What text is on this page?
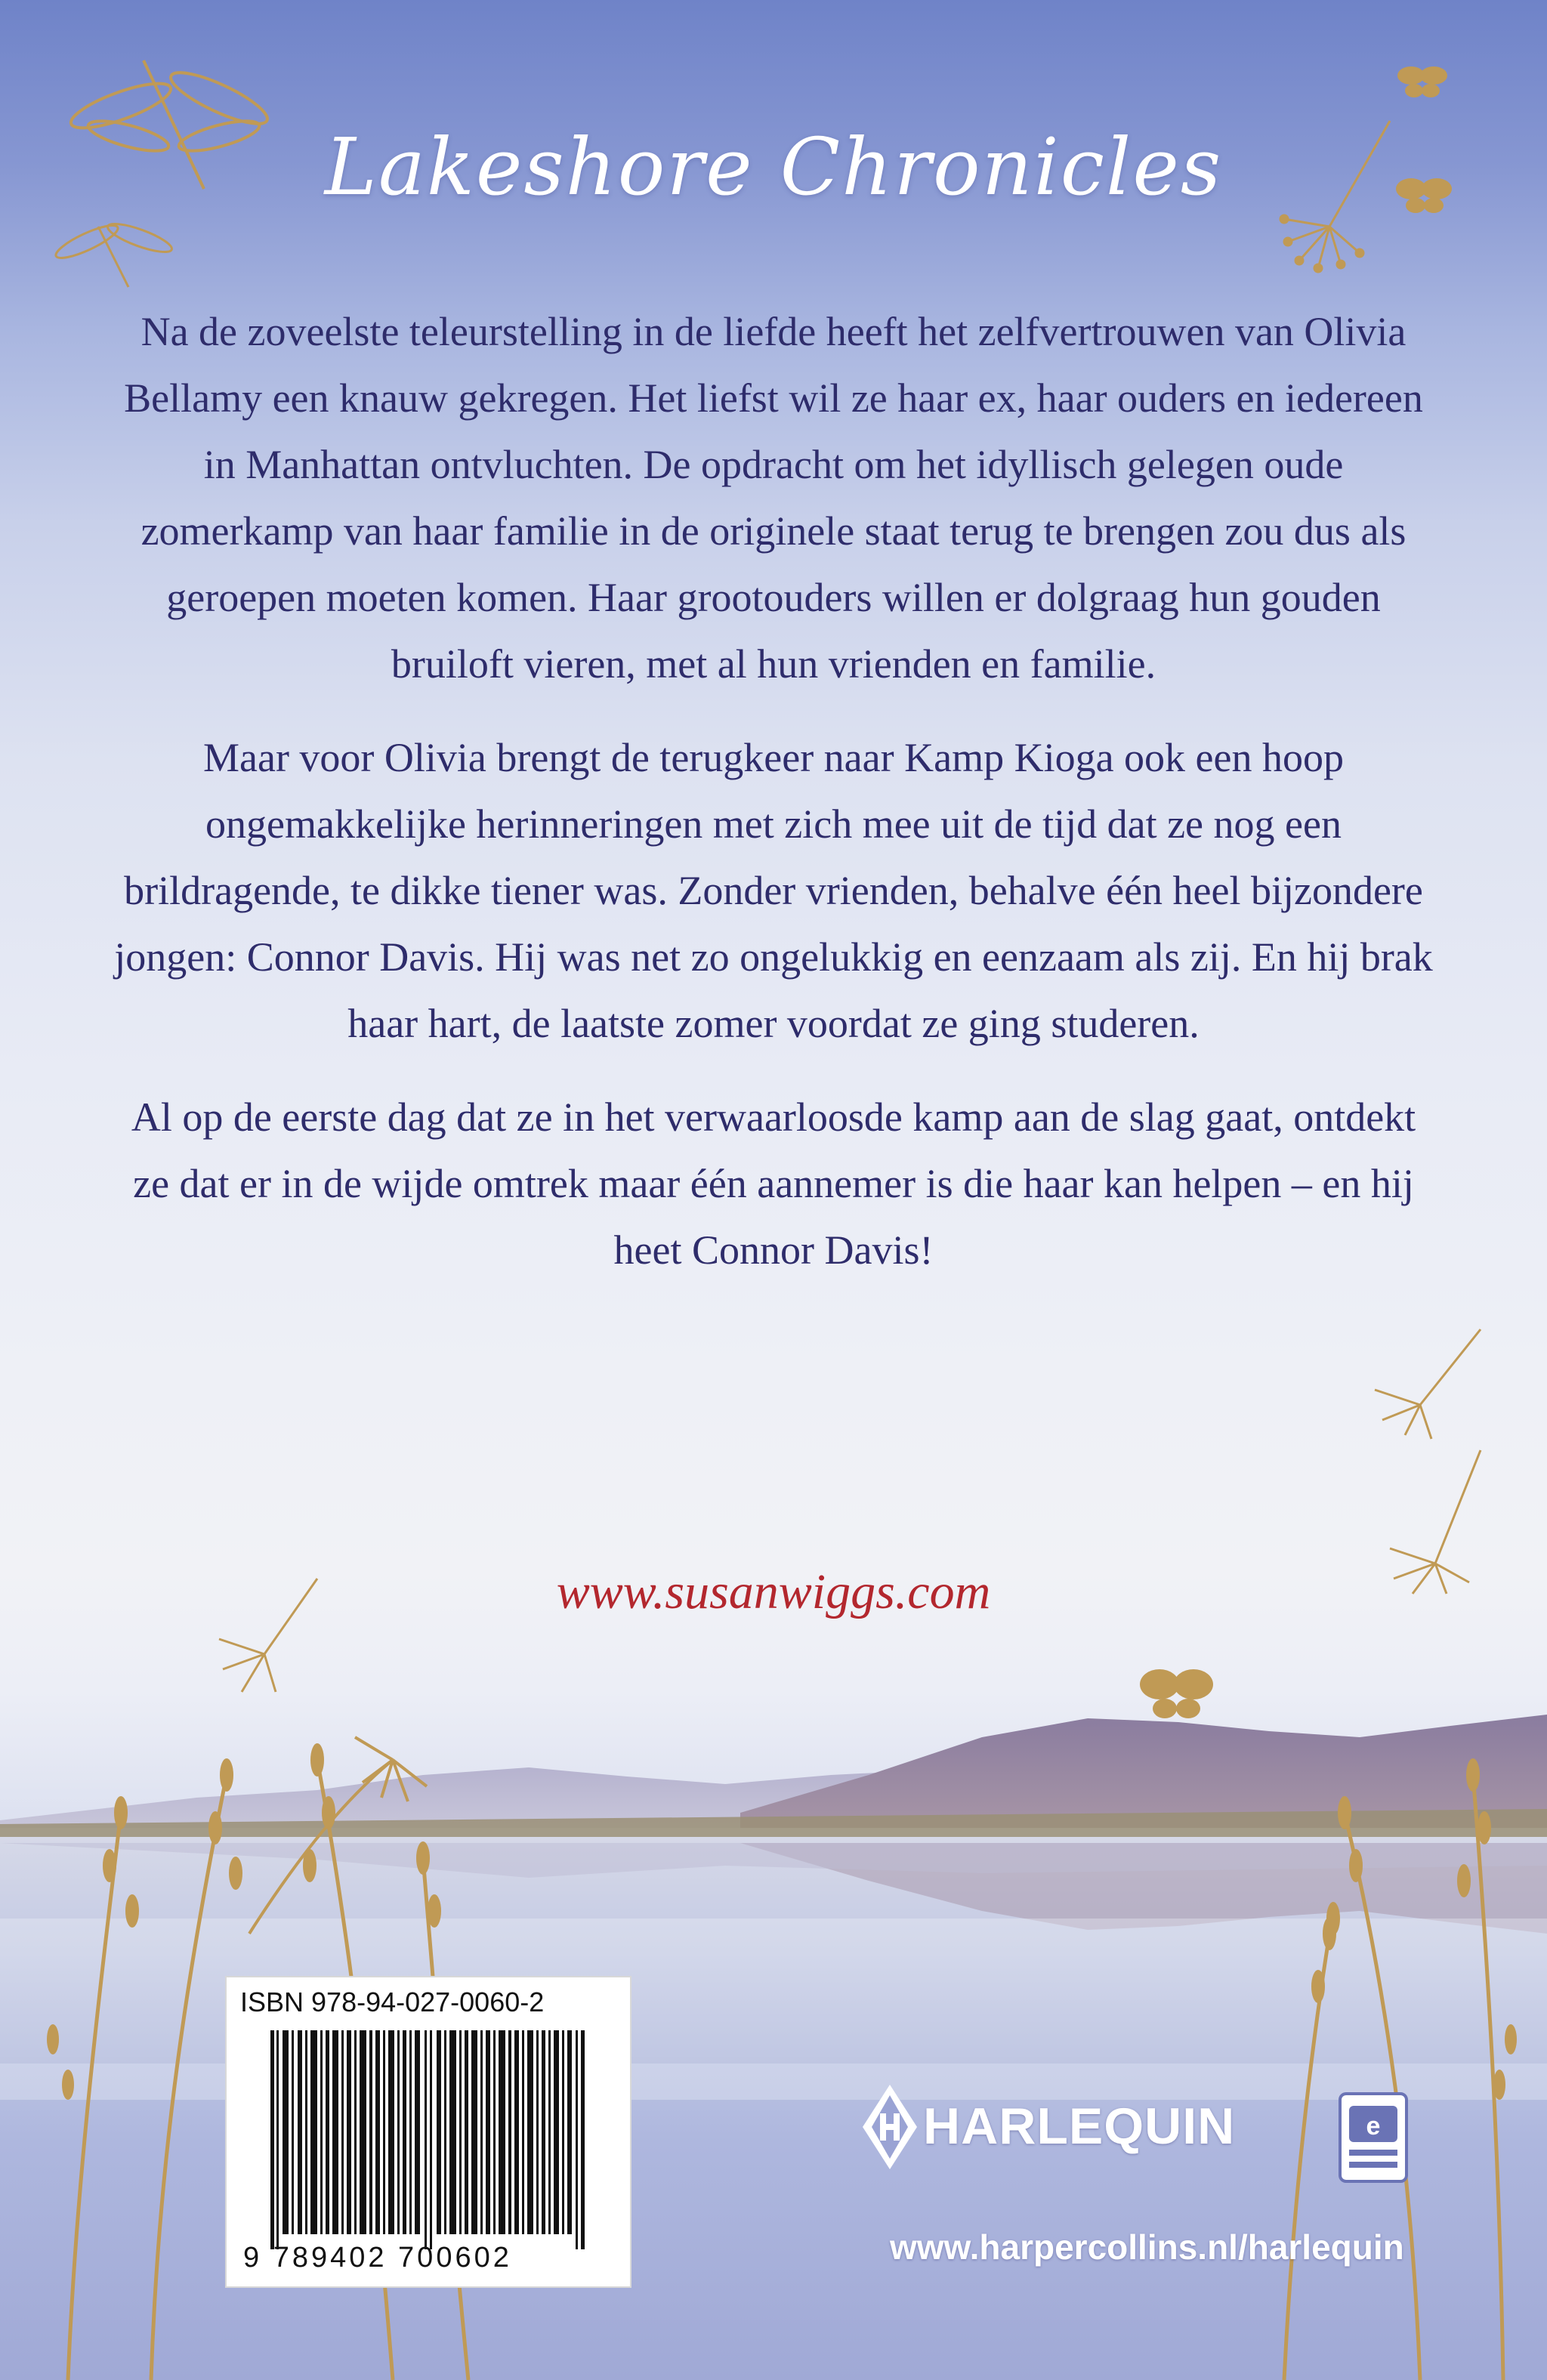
Lakeshore Chronicles

Na de zoveelste teleurstelling in de liefde heeft het zelfvertrouwen van Olivia Bellamy een knauw gekregen. Het liefst wil ze haar ex, haar ouders en iedereen in Manhattan ontvluchten. De opdracht om het idyllisch gelegen oude zomerkamp van haar familie in de originele staat terug te brengen zou dus als geroepen moeten komen. Haar grootouders willen er dolgraag hun gouden bruiloft vieren, met al hun vrienden en familie.

Maar voor Olivia brengt de terugkeer naar Kamp Kioga ook een hoop ongemakkelijke herinneringen met zich mee uit de tijd dat ze nog een brildragende, te dikke tiener was. Zonder vrienden, behalve één heel bijzondere jongen: Connor Davis. Hij was net zo ongelukkig en eenzaam als zij. En hij brak haar hart, de laatste zomer voordat ze ging studeren.

Al op de eerste dag dat ze in het verwaarloosde kamp aan de slag gaat, ontdekt ze dat er in de wijde omtrek maar één aannemer is die haar kan helpen – en hij heet Connor Davis!

www.susanwiggs.com
ISBN 978-94-027-0060-2
9 789402 700602
HARLEQUIN	e
www.harpercollins.nl/harlequin
